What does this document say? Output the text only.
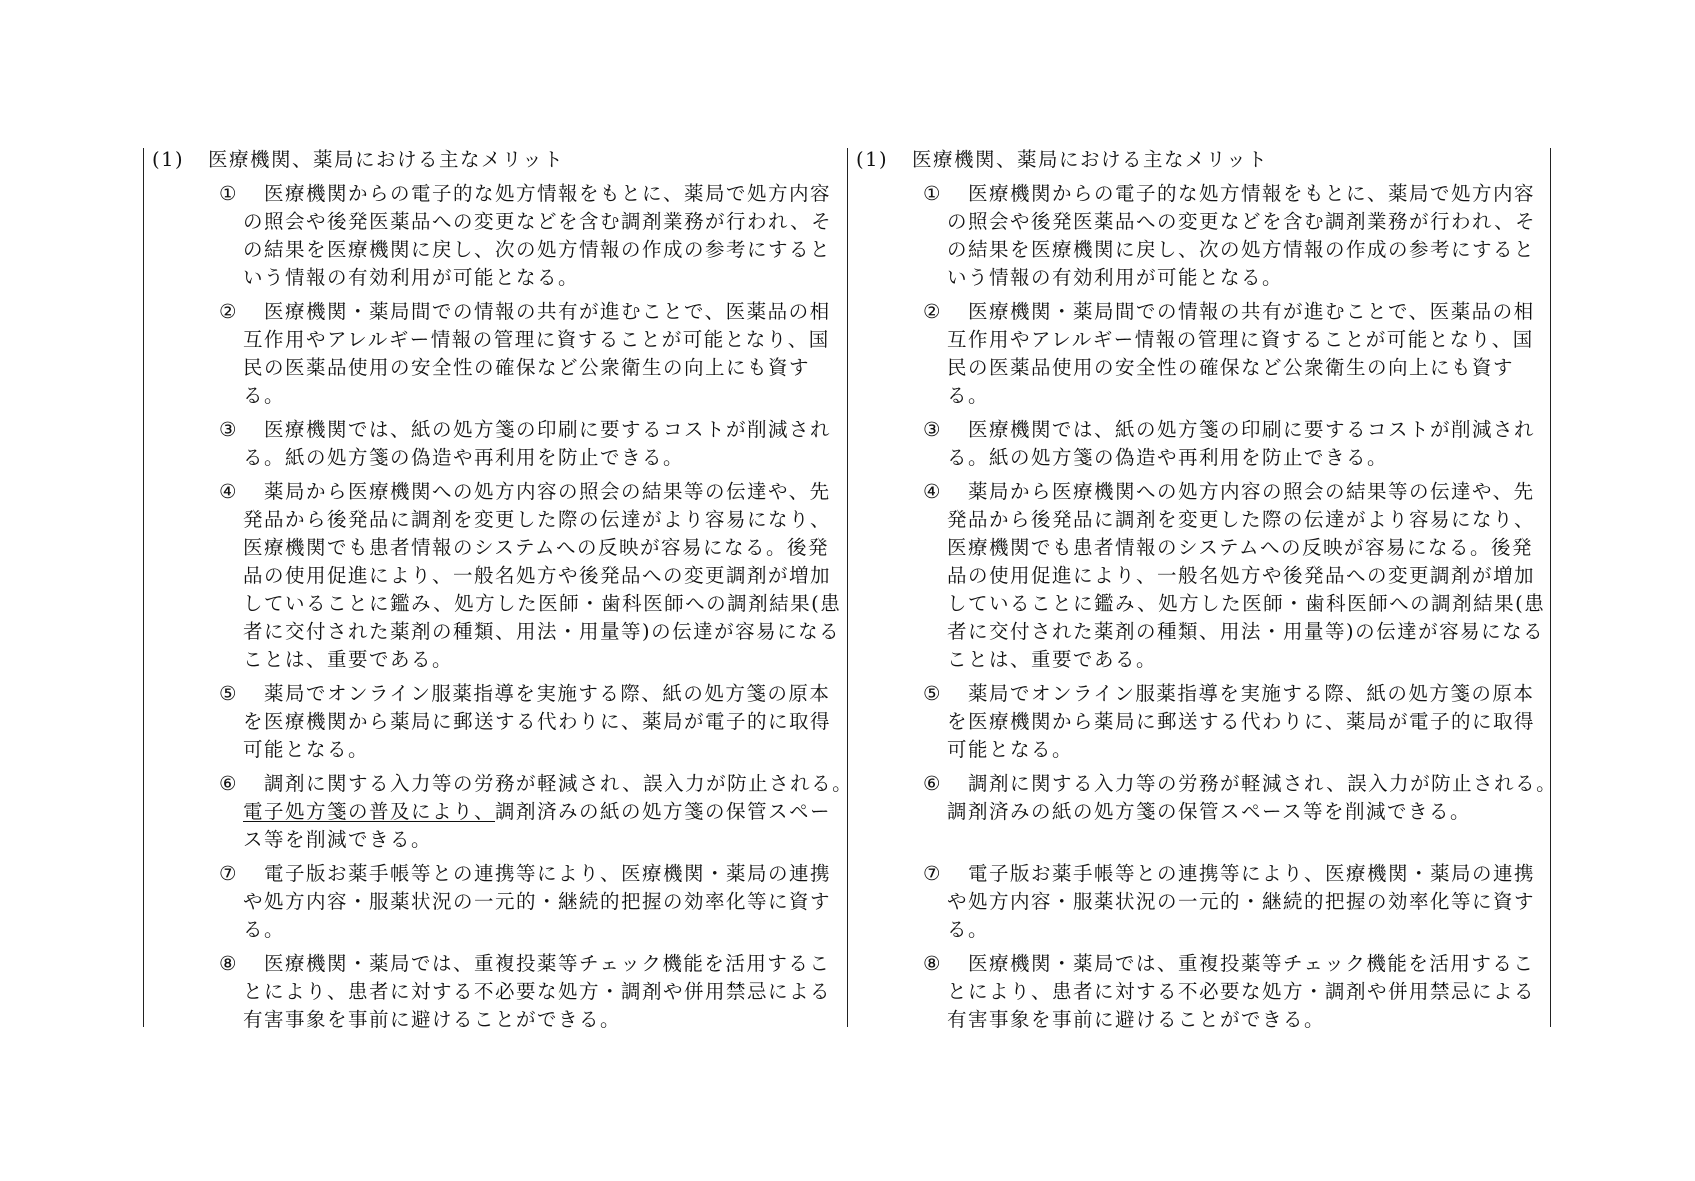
(1) 医療機関、薬局における主なメリット
①	医療機関からの電子的な処方情報をもとに、薬局で処方内容
の照会や後発医薬品への変更などを含む調剤業務が行われ、そ
の結果を医療機関に戻し、次の処方情報の作成の参考にすると
いう情報の有効利用が可能となる。
②	医療機関・薬局間での情報の共有が進むことで、医薬品の相
互作用やアレルギー情報の管理に資することが可能となり、国
民の医薬品使用の安全性の確保など公衆衛生の向上にも資す
る。
③	医療機関では、紙の処方箋の印刷に要するコストが削減され
る。紙の処方箋の偽造や再利用を防止できる。
④	薬局から医療機関への処方内容の照会の結果等の伝達や、先
発品から後発品に調剤を変更した際の伝達がより容易になり、
医療機関でも患者情報のシステムへの反映が容易になる。後発
品の使用促進により、一般名処方や後発品への変更調剤が増加
していることに鑑み、処方した医師・歯科医師への調剤結果(患
者に交付された薬剤の種類、用法・用量等)の伝達が容易になる
ことは、重要である。
⑤	薬局でオンライン服薬指導を実施する際、紙の処方箋の原本
を医療機関から薬局に郵送する代わりに、薬局が電子的に取得
可能となる。
⑥	調剤に関する入力等の労務が軽減され、誤入力が防止される。
電子処方箋の普及により、調剤済みの紙の処方箋の保管スペー
ス等を削減できる。
⑦	電子版お薬手帳等との連携等により、医療機関・薬局の連携
や処方内容・服薬状況の一元的・継続的把握の効率化等に資す
る。
⑧	医療機関・薬局では、重複投薬等チェック機能を活用するこ
とにより、患者に対する不必要な処方・調剤や併用禁忌による
有害事象を事前に避けることができる。
(1) 医療機関、薬局における主なメリット
①	医療機関からの電子的な処方情報をもとに、薬局で処方内容
の照会や後発医薬品への変更などを含む調剤業務が行われ、そ
の結果を医療機関に戻し、次の処方情報の作成の参考にすると
いう情報の有効利用が可能となる。
②	医療機関・薬局間での情報の共有が進むことで、医薬品の相
互作用やアレルギー情報の管理に資することが可能となり、国
民の医薬品使用の安全性の確保など公衆衛生の向上にも資す
る。
③	医療機関では、紙の処方箋の印刷に要するコストが削減され
る。紙の処方箋の偽造や再利用を防止できる。
④	薬局から医療機関への処方内容の照会の結果等の伝達や、先
発品から後発品に調剤を変更した際の伝達がより容易になり、
医療機関でも患者情報のシステムへの反映が容易になる。後発
品の使用促進により、一般名処方や後発品への変更調剤が増加
していることに鑑み、処方した医師・歯科医師への調剤結果(患
者に交付された薬剤の種類、用法・用量等)の伝達が容易になる
ことは、重要である。
⑤	薬局でオンライン服薬指導を実施する際、紙の処方箋の原本
を医療機関から薬局に郵送する代わりに、薬局が電子的に取得
可能となる。
⑥	調剤に関する入力等の労務が軽減され、誤入力が防止される。
調剤済みの紙の処方箋の保管スペース等を削減できる。
⑦	電子版お薬手帳等との連携等により、医療機関・薬局の連携
や処方内容・服薬状況の一元的・継続的把握の効率化等に資す
る。
⑧	医療機関・薬局では、重複投薬等チェック機能を活用するこ
とにより、患者に対する不必要な処方・調剤や併用禁忌による
有害事象を事前に避けることができる。
